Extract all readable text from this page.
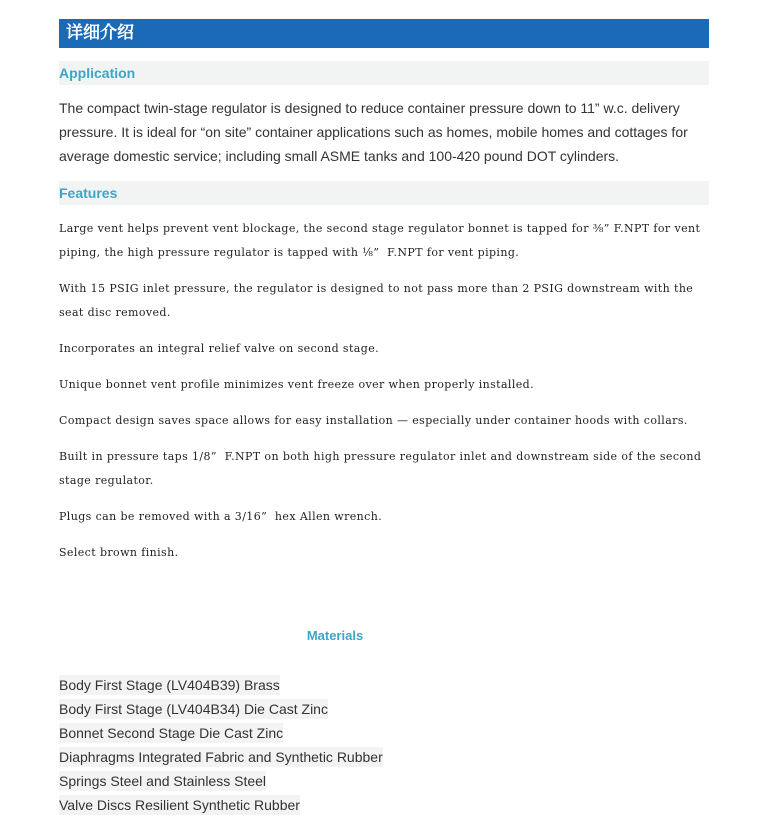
详细介绍
Application
The compact twin-stage regulator is designed to reduce container pressure down to 11” w.c. delivery pressure. It is ideal for “on site” container applications such as homes, mobile homes and cottages for average domestic service; including small ASME tanks and 100-420 pound DOT cylinders.
Features
Large vent helps prevent vent blockage, the second stage regulator bonnet is tapped for ⅜” F.NPT for vent piping, the high pressure regulator is tapped with ⅛”  F.NPT for vent piping.
With 15 PSIG inlet pressure, the regulator is designed to not pass more than 2 PSIG downstream with the seat disc removed.
Incorporates an integral relief valve on second stage.
Unique bonnet vent profile minimizes vent freeze over when properly installed.
Compact design saves space allows for easy installation — especially under container hoods with collars.
Built in pressure taps 1/8”  F.NPT on both high pressure regulator inlet and downstream side of the second stage regulator.
Plugs can be removed with a 3/16”  hex Allen wrench.
Select brown finish.
Materials
Body First Stage (LV404B39) Brass
Body First Stage (LV404B34) Die Cast Zinc
Bonnet Second Stage Die Cast Zinc
Diaphragms Integrated Fabric and Synthetic Rubber
Springs Steel and Stainless Steel
Valve Discs Resilient Synthetic Rubber
